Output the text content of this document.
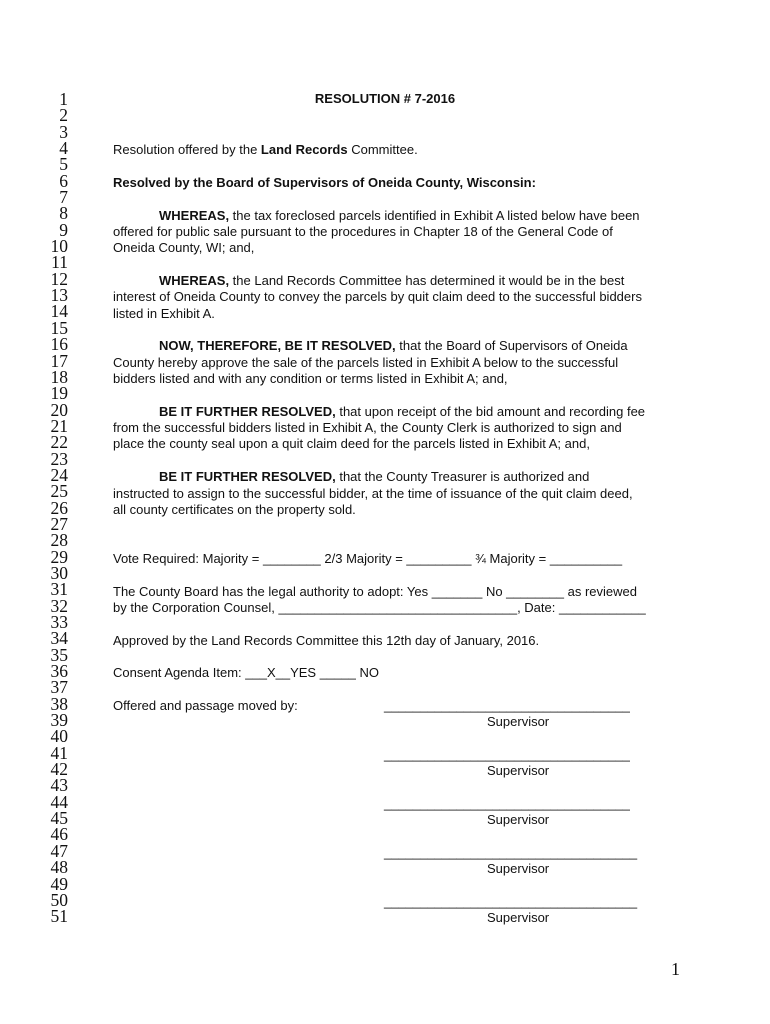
1
2
3
4
5
6
7
8
9
10
11
12
13
14
15
16
17
18
19
20
21
22
23
24
25
26
27
28
29
30
31
32
33
34
35
36
37
38
39
40
41
42
43
44
45
46
47
48
49
50
51
RESOLUTION # 7-2016
Resolution offered by the Land Records Committee.
Resolved by the Board of Supervisors of Oneida County, Wisconsin:
WHEREAS, the tax foreclosed parcels identified in Exhibit A listed below have been
offered for public sale pursuant to the procedures in Chapter 18 of the General Code of
Oneida County, WI; and,
WHEREAS, the Land Records Committee has determined it would be in the best
interest of Oneida County to convey the parcels by quit claim deed to the successful bidders
listed in Exhibit A.
NOW, THEREFORE, BE IT RESOLVED, that the Board of Supervisors of Oneida
County hereby approve the sale of the parcels listed in Exhibit A below to the successful
bidders listed and with any condition or terms listed in Exhibit A; and,
BE IT FURTHER RESOLVED, that upon receipt of the bid amount and recording fee
from the successful bidders listed in Exhibit A, the County Clerk is authorized to sign and
place the county seal upon a quit claim deed for the parcels listed in Exhibit A; and,
BE IT FURTHER RESOLVED, that the County Treasurer is authorized and
instructed to assign to the successful bidder, at the time of issuance of the quit claim deed,
all county certificates on the property sold.
Vote Required: Majority = ________ 2/3 Majority = _________ ¾ Majority = __________
The County Board has the legal authority to adopt: Yes _______ No ________ as reviewed
by the Corporation Counsel, _________________________________, Date: ____________
Approved by the Land Records Committee this 12th day of January, 2016.
Consent Agenda Item: ___X__YES _____ NO
Offered and passage moved by:	__________________________________
Supervisor
__________________________________
Supervisor
__________________________________
Supervisor
___________________________________
Supervisor
___________________________________
Supervisor
1
